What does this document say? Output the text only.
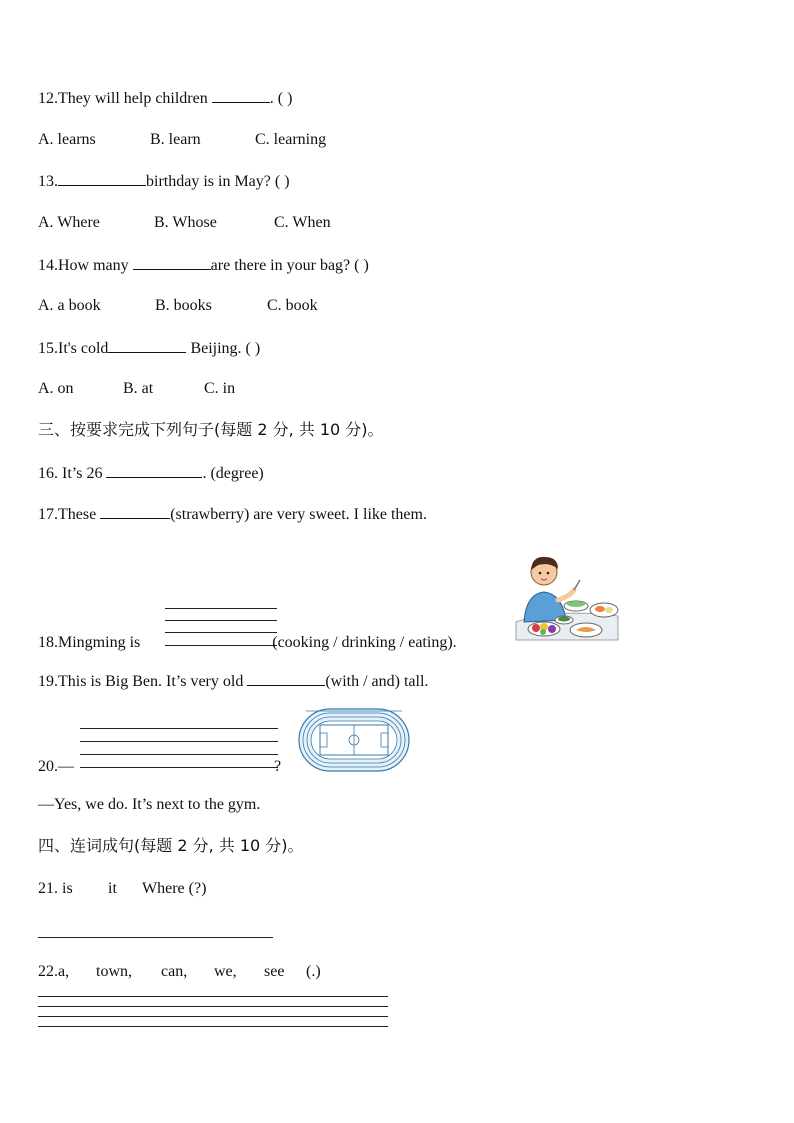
12.They will help children	. ( )
A. learns	B. learn	C. learning
13.	birthday is in May? ( )
A. Where	B. Whose	C. When
14.How many	are there in your bag? ( )
A. a book	B. books	C. book
15.It's cold	Beijing. ( )
A. on	B. at	C. in
三、按要求完成下列句子(每题 2 分, 共 10 分)。
16. It’s 26	. (degree)
17.These	(strawberry) are very sweet. I like them.
18.Mingming is	(cooking / drinking / eating).
19.This is Big Ben. It’s very old	(with / and) tall.
20.—	?
—Yes, we do. It’s next to the gym.
四、连词成句(每题 2 分, 共 10 分)。
21. is it Where (?)
22.a, town, can, we, see (.)
